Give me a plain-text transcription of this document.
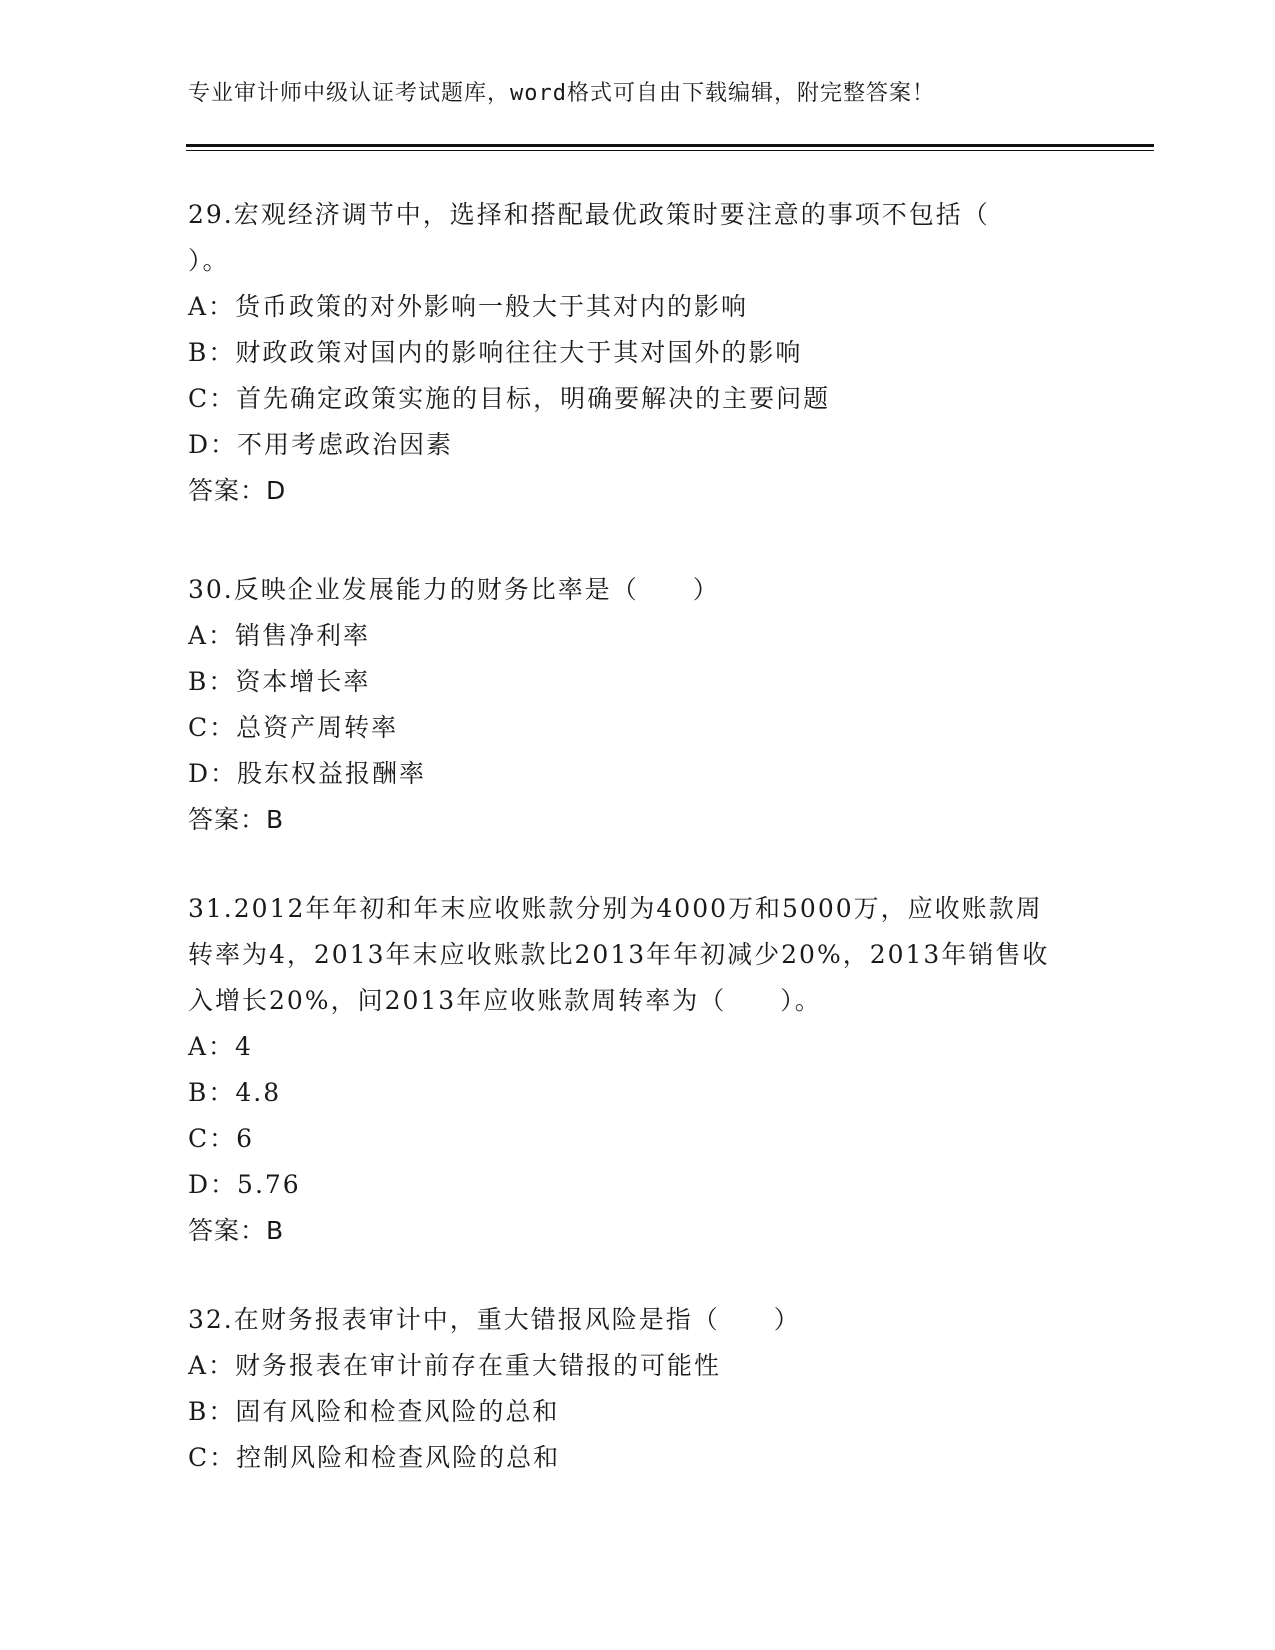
专业审计师中级认证考试题库，word格式可自由下载编辑，附完整答案！
29.宏观经济调节中，选择和搭配最优政策时要注意的事项不包括（
）。
A：货币政策的对外影响一般大于其对内的影响
B：财政政策对国内的影响往往大于其对国外的影响
C：首先确定政策实施的目标，明确要解决的主要问题
D：不用考虑政治因素
答案：D
30.反映企业发展能力的财务比率是（　　）
A：销售净利率
B：资本增长率
C：总资产周转率
D：股东权益报酬率
答案：B
31.2012年年初和年末应收账款分别为4000万和5000万，应收账款周
转率为4，2013年末应收账款比2013年年初减少20%，2013年销售收
入增长20%，问2013年应收账款周转率为（　　）。
A：4
B：4.8
C：6
D：5.76
答案：B
32.在财务报表审计中，重大错报风险是指（　　）
A：财务报表在审计前存在重大错报的可能性
B：固有风险和检查风险的总和
C：控制风险和检查风险的总和
